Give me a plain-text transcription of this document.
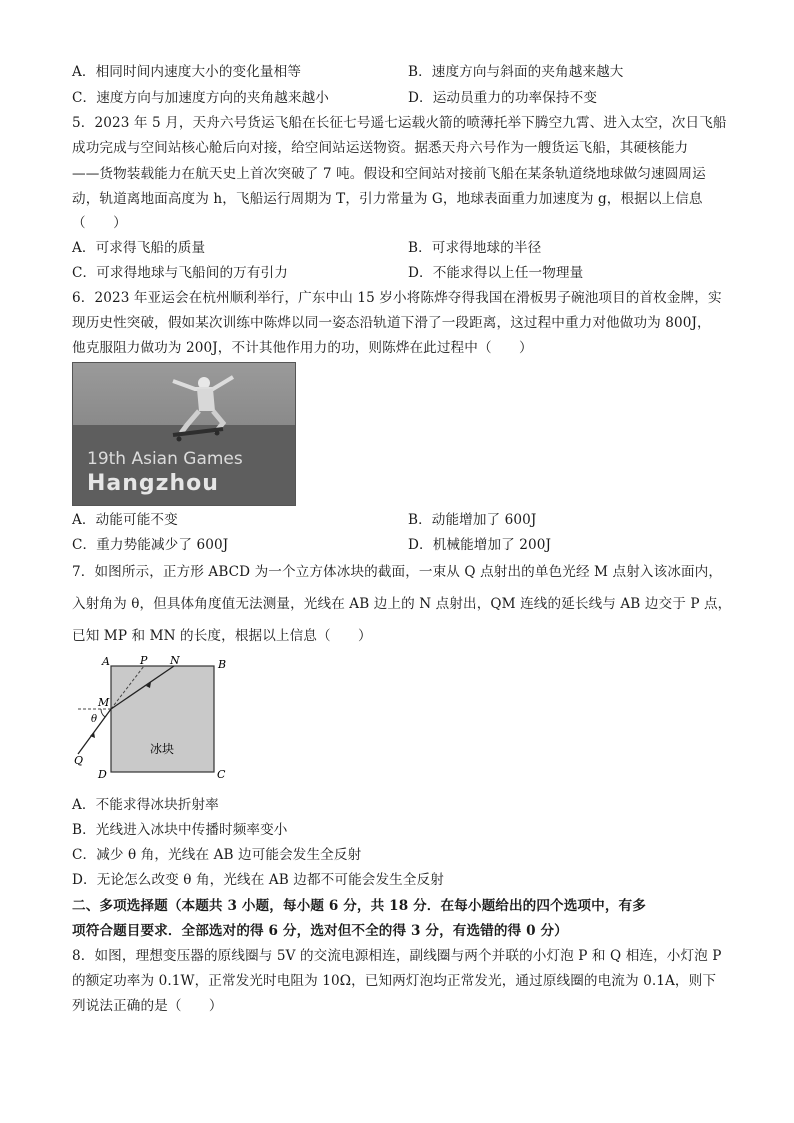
A．相同时间内速度大小的变化量相等	B．速度方向与斜面的夹角越来越大
C．速度方向与加速度方向的夹角越来越小	D．运动员重力的功率保持不变
5．2023 年 5 月，天舟六号货运飞船在长征七号遥七运载火箭的喷薄托举下腾空九霄、进入太空，次日飞船
成功完成与空间站核心舱后向对接，给空间站运送物资。据悉天舟六号作为一艘货运飞船，其硬核能力
——货物装载能力在航天史上首次突破了 7 吨。假设和空间站对接前飞船在某条轨道绕地球做匀速圆周运
动，轨道离地面高度为 h，飞船运行周期为 T，引力常量为 G，地球表面重力加速度为 g，根据以上信息
（　　）
A．可求得飞船的质量	B．可求得地球的半径
C．可求得地球与飞船间的万有引力	D．不能求得以上任一物理量
6．2023 年亚运会在杭州顺利举行，广东中山 15 岁小将陈烨夺得我国在滑板男子碗池项目的首枚金牌，实
现历史性突破，假如某次训练中陈烨以同一姿态沿轨道下滑了一段距离，这过程中重力对他做功为 800J，
他克服阻力做功为 200J，不计其他作用力的功，则陈烨在此过程中（　　）
19th Asian Games
Hangzhou
A．动能可能不变	B．动能增加了 600J
C．重力势能减少了 600J	D．机械能增加了 200J
7．如图所示，正方形 ABCD 为一个立方体冰块的截面，一束从 Q 点射出的单色光经 M 点射入该冰面内，
入射角为 θ，但具体角度值无法测量，光线在 AB 边上的 N 点射出，QM 连线的延长线与 AB 边交于 P 点，
已知 MP 和 MN 的长度，根据以上信息（　　）
A	P N	B
M
θ
Q
D	C
冰块
A．不能求得冰块折射率
B．光线进入冰块中传播时频率变小
C．减少 θ 角，光线在 AB 边可能会发生全反射
D．无论怎么改变 θ 角，光线在 AB 边都不可能会发生全反射
二、多项选择题（本题共 3 小题，每小题 6 分，共 18 分．在每小题给出的四个选项中，有多
项符合题目要求．全部选对的得 6 分，选对但不全的得 3 分，有选错的得 0 分）
8．如图，理想变压器的原线圈与 5V 的交流电源相连，副线圈与两个并联的小灯泡 P 和 Q 相连，小灯泡 P
的额定功率为 0.1W，正常发光时电阻为 10Ω，已知两灯泡均正常发光，通过原线圈的电流为 0.1A，则下
列说法正确的是（　　）
